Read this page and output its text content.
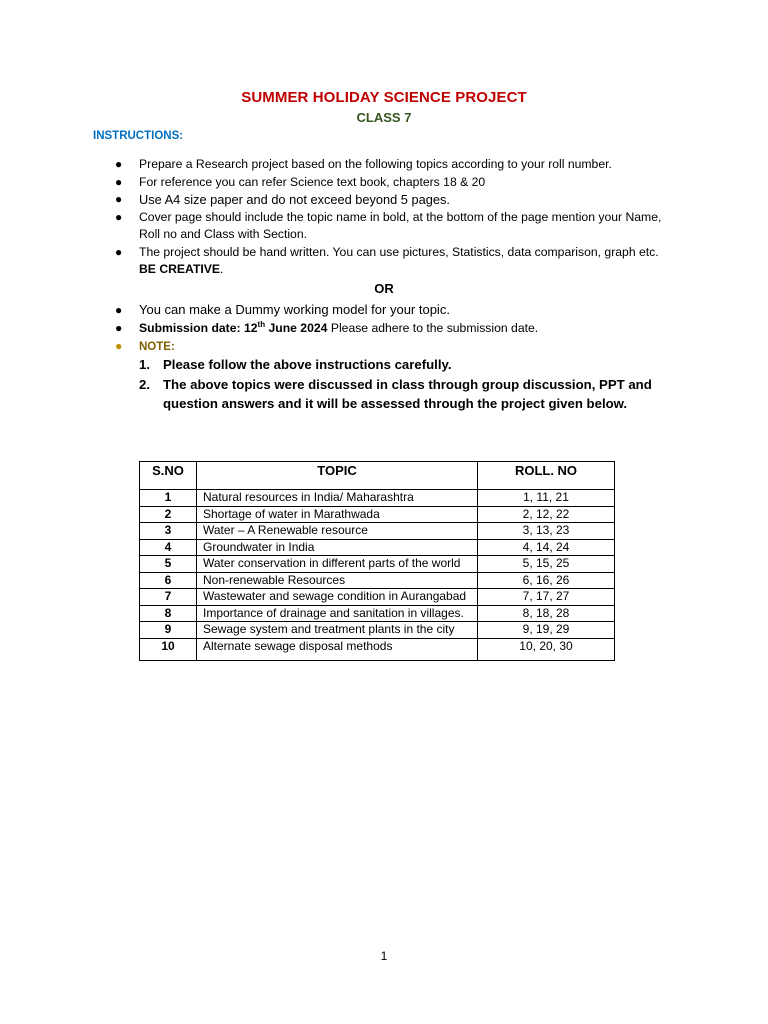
SUMMER HOLIDAY SCIENCE PROJECT
CLASS 7
INSTRUCTIONS:
● Prepare a Research project based on the following topics according to your roll number.
● For reference you can refer Science text book, chapters 18 & 20
● Use A4 size paper and do not exceed beyond 5 pages.
● Cover page should include the topic name in bold, at the bottom of the page mention your Name, Roll no and Class with Section.
● The project should be hand written. You can use pictures, Statistics, data comparison, graph etc. BE CREATIVE.
OR
● You can make a Dummy working model for your topic.
● Submission date: 12th June 2024 Please adhere to the submission date.
● NOTE:
1. Please follow the above instructions carefully.
2. The above topics were discussed in class through group discussion, PPT and question answers and it will be assessed through the project given below.
S.NO	TOPIC	ROLL. NO
1	Natural resources in India/ Maharashtra	1, 11, 21
2	Shortage of water in Marathwada	2, 12, 22
3	Water – A Renewable resource	3, 13, 23
4	Groundwater in India	4, 14, 24
5	Water conservation in different parts of the world	5, 15, 25
6	Non-renewable Resources	6, 16, 26
7	Wastewater and sewage condition in Aurangabad	7, 17, 27
8	Importance of drainage and sanitation in villages.	8, 18, 28
9	Sewage system and treatment plants in the city	9, 19, 29
10	Alternate sewage disposal methods	10, 20, 30
1
